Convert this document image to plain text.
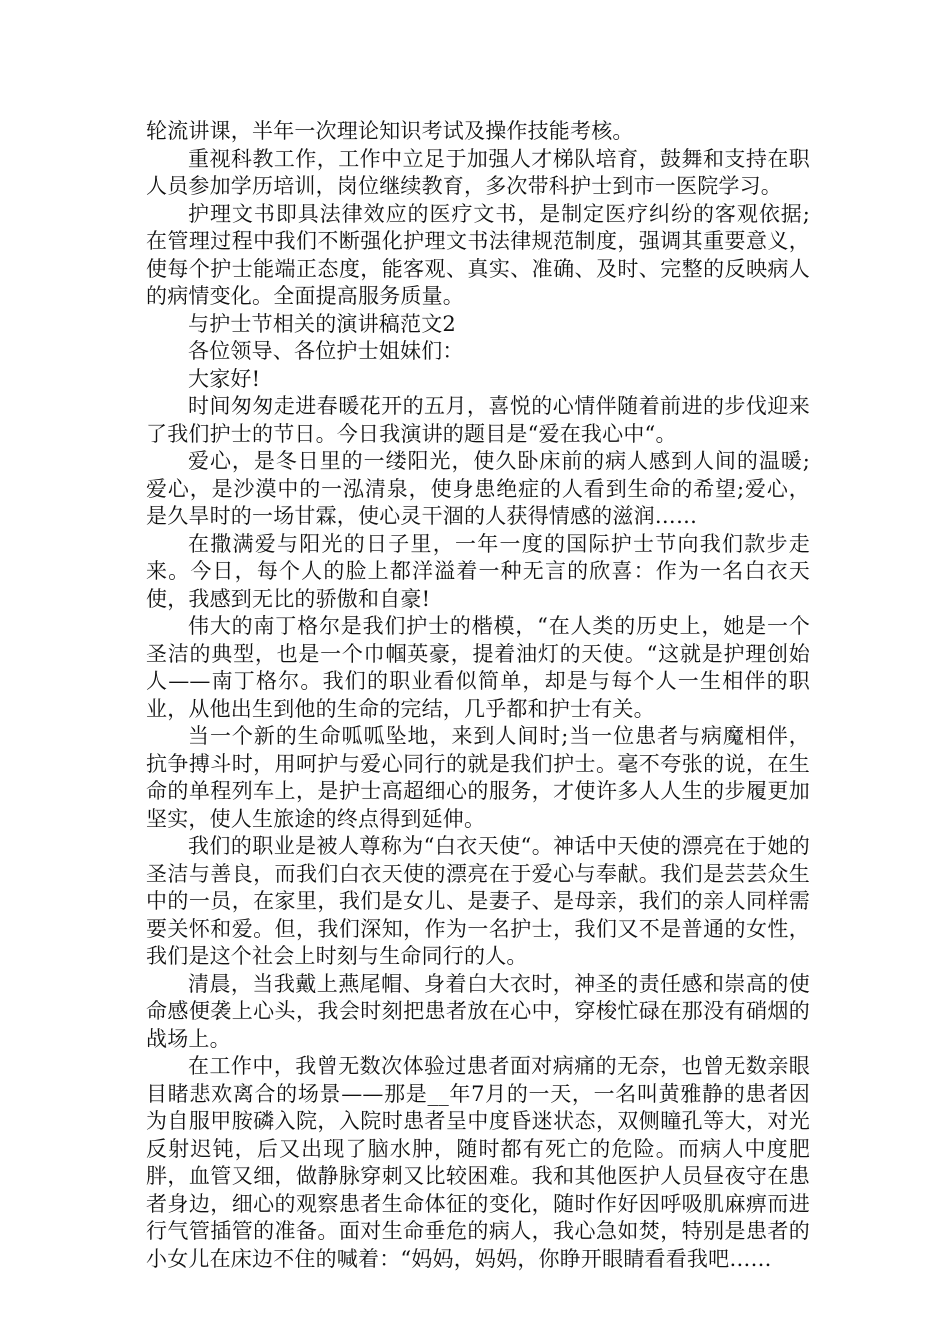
轮流讲课，半年一次理论知识考试及操作技能考核。

重视科教工作，工作中立足于加强人才梯队培育，鼓舞和支持在职人员参加学历培训，岗位继续教育，多次带科护士到市一医院学习。

护理文书即具法律效应的医疗文书，是制定医疗纠纷的客观依据;在管理过程中我们不断强化护理文书法律规范制度，强调其重要意义，使每个护士能端正态度，能客观、真实、准确、及时、完整的反映病人的病情变化。全面提高服务质量。

与护士节相关的演讲稿范文2

各位领导、各位护士姐妹们：

大家好!

时间匆匆走进春暖花开的五月，喜悦的心情伴随着前进的步伐迎来了我们护士的节日。今日我演讲的题目是“爱在我心中“。

爱心，是冬日里的一缕阳光，使久卧床前的病人感到人间的温暖;爱心，是沙漠中的一泓清泉，使身患绝症的人看到生命的希望;爱心，是久旱时的一场甘霖，使心灵干涸的人获得情感的滋润……

在撒满爱与阳光的日子里，一年一度的国际护士节向我们款步走来。今日，每个人的脸上都洋溢着一种无言的欣喜：作为一名白衣天使，我感到无比的骄傲和自豪!

伟大的南丁格尔是我们护士的楷模，“在人类的历史上，她是一个圣洁的典型，也是一个巾帼英豪，提着油灯的天使。“这就是护理创始人——南丁格尔。我们的职业看似简单，却是与每个人一生相伴的职业，从他出生到他的生命的完结，几乎都和护士有关。

当一个新的生命呱呱坠地，来到人间时;当一位患者与病魔相伴，抗争搏斗时，用呵护与爱心同行的就是我们护士。毫不夸张的说，在生命的单程列车上，是护士高超细心的服务，才使许多人人生的步履更加坚实，使人生旅途的终点得到延伸。

我们的职业是被人尊称为“白衣天使“。神话中天使的漂亮在于她的圣洁与善良，而我们白衣天使的漂亮在于爱心与奉献。我们是芸芸众生中的一员，在家里，我们是女儿、是妻子、是母亲，我们的亲人同样需要关怀和爱。但，我们深知，作为一名护士，我们又不是普通的女性，我们是这个社会上时刻与生命同行的人。

清晨，当我戴上燕尾帽、身着白大衣时，神圣的责任感和崇高的使命感便袭上心头，我会时刻把患者放在心中，穿梭忙碌在那没有硝烟的战场上。

在工作中，我曾无数次体验过患者面对病痛的无奈，也曾无数亲眼目睹悲欢离合的场景——那是__年7月的一天，一名叫黄雅静的患者因为自服甲胺磷入院，入院时患者呈中度昏迷状态，双侧瞳孔等大，对光反射迟钝，后又出现了脑水肿，随时都有死亡的危险。而病人中度肥胖，血管又细，做静脉穿刺又比较困难。我和其他医护人员昼夜守在患者身边，细心的观察患者生命体征的变化，随时作好因呼吸肌麻痹而进行气管插管的准备。面对生命垂危的病人，我心急如焚，特别是患者的小女儿在床边不住的喊着：“妈妈，妈妈，你睁开眼睛看看我吧……
